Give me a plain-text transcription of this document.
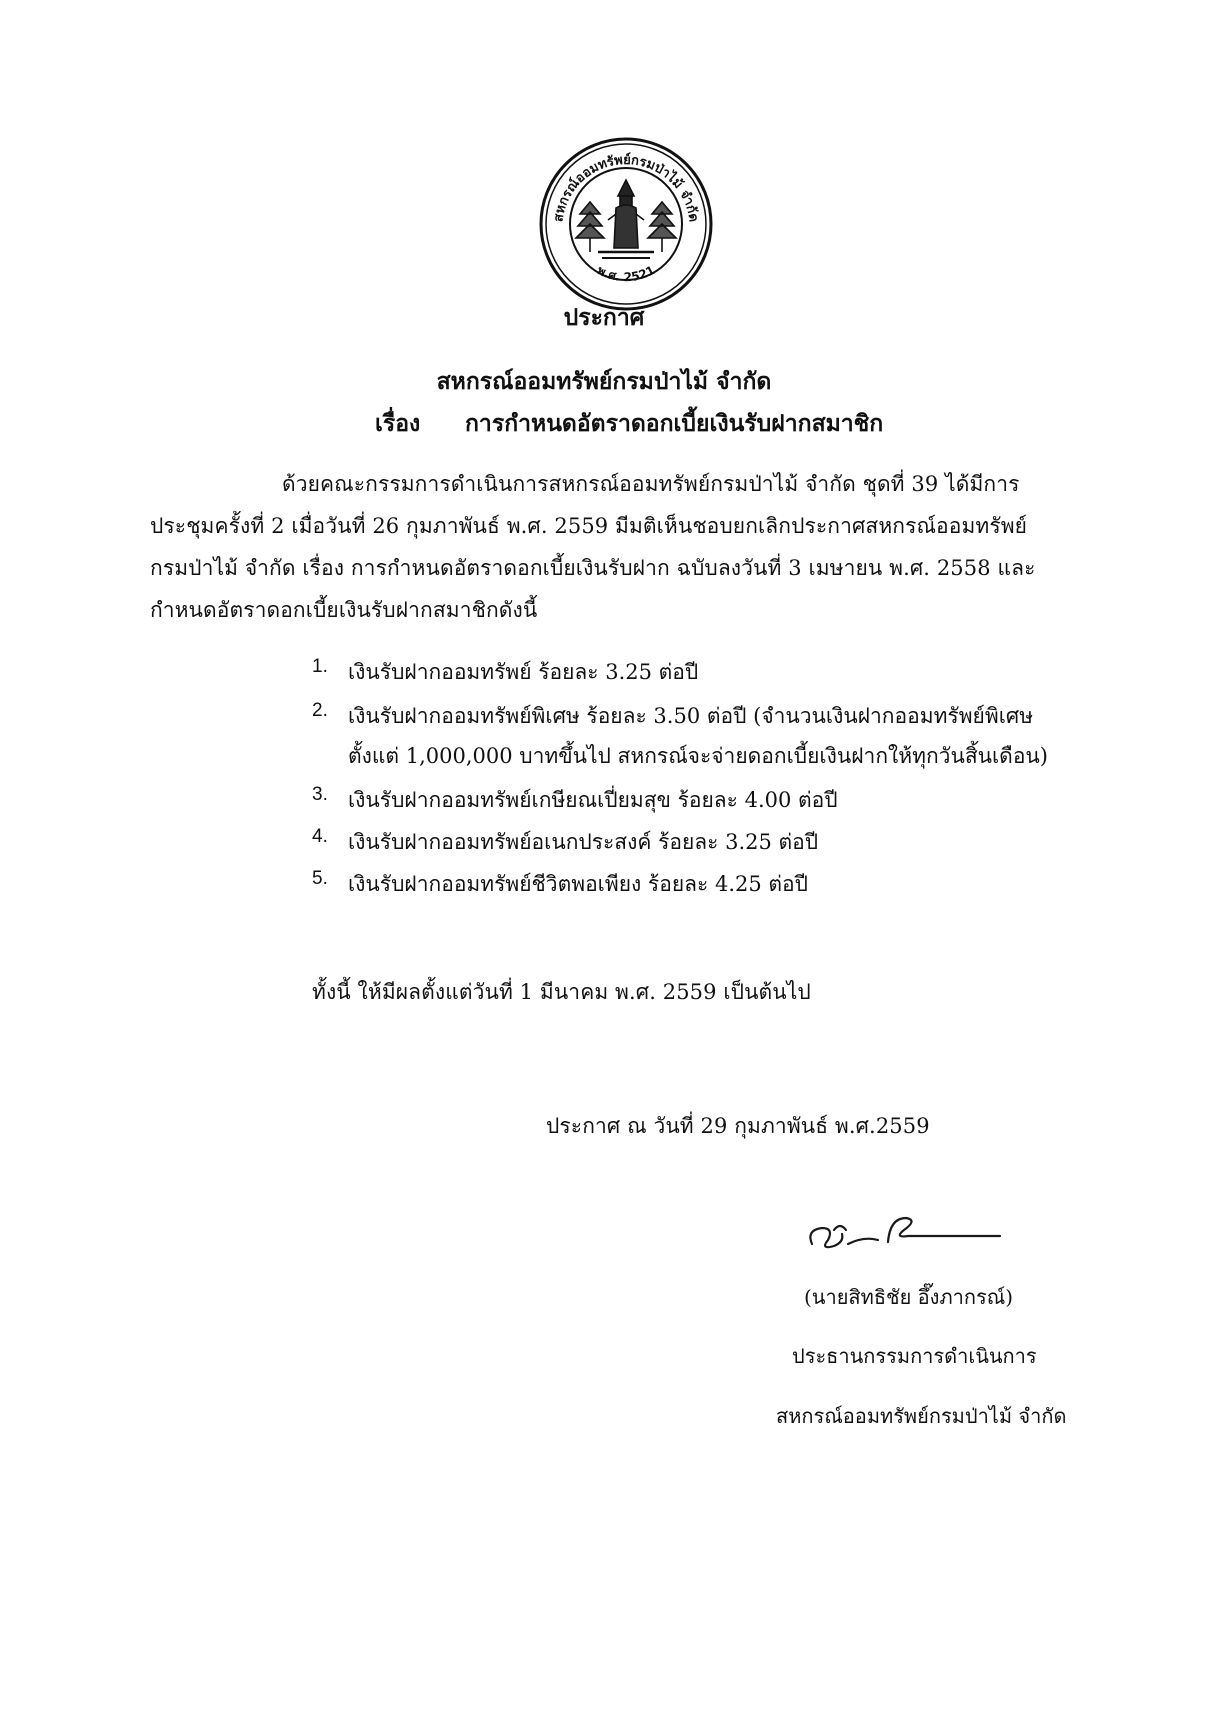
สหกรณ์ออมทรัพย์กรมป่าไม้ จำกัด
พ.ศ. 2521
ประกาศ
สหกรณ์ออมทรัพย์กรมป่าไม้ จำกัด
เรื่อง การกำหนดอัตราดอกเบี้ยเงินรับฝากสมาชิก
ด้วยคณะกรรมการดำเนินการสหกรณ์ออมทรัพย์กรมป่าไม้ จำกัด ชุดที่ 39 ได้มีการ
ประชุมครั้งที่ 2 เมื่อวันที่ 26 กุมภาพันธ์ พ.ศ. 2559 มีมติเห็นชอบยกเลิกประกาศสหกรณ์ออมทรัพย์
กรมป่าไม้ จำกัด เรื่อง การกำหนดอัตราดอกเบี้ยเงินรับฝาก ฉบับลงวันที่ 3 เมษายน พ.ศ. 2558 และ
กำหนดอัตราดอกเบี้ยเงินรับฝากสมาชิกดังนี้
1. เงินรับฝากออมทรัพย์ ร้อยละ 3.25 ต่อปี
2. เงินรับฝากออมทรัพย์พิเศษ ร้อยละ 3.50 ต่อปี (จำนวนเงินฝากออมทรัพย์พิเศษ
ตั้งแต่ 1,000,000 บาทขึ้นไป สหกรณ์จะจ่ายดอกเบี้ยเงินฝากให้ทุกวันสิ้นเดือน)
3. เงินรับฝากออมทรัพย์เกษียณเปี่ยมสุข ร้อยละ 4.00 ต่อปี
4. เงินรับฝากออมทรัพย์อเนกประสงค์ ร้อยละ 3.25 ต่อปี
5. เงินรับฝากออมทรัพย์ชีวิตพอเพียง ร้อยละ 4.25 ต่อปี
ทั้งนี้ ให้มีผลตั้งแต่วันที่ 1 มีนาคม พ.ศ. 2559 เป็นต้นไป
ประกาศ ณ วันที่ 29 กุมภาพันธ์ พ.ศ.2559
(นายสิทธิชัย อึ๊งภากรณ์)
ประธานกรรมการดำเนินการ
สหกรณ์ออมทรัพย์กรมป่าไม้ จำกัด
